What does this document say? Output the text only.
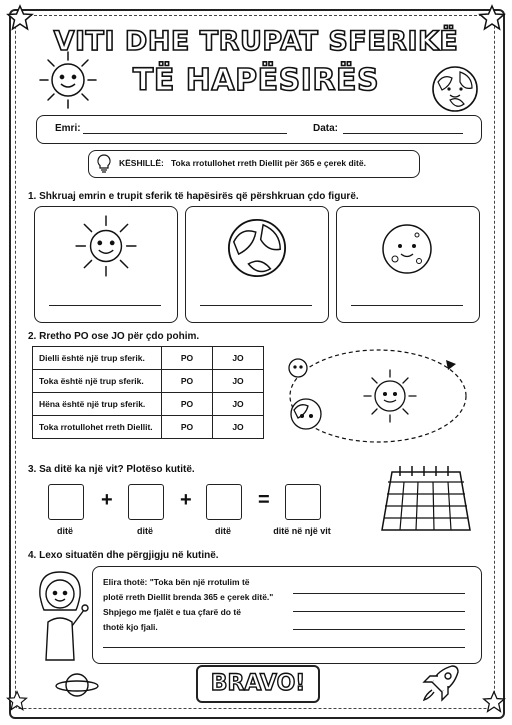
VITI DHE TRUPAT SFERIKË
TË HAPËSIRËS
Emri:	Data:
KËSHILLË: Toka rrotullohet rreth Diellit për 365 e çerek ditë.
1. Shkruaj emrin e trupit sferik të hapësirës që përshkruan çdo figurë.
2. Rretho PO ose JO për çdo pohim.
Dielli është një trup sferik.	PO	JO
Toka është një trup sferik.	PO	JO
Hëna është një trup sferik.	PO	JO
Toka rrotullohet rreth Diellit.	PO	JO
3. Sa ditë ka një vit? Plotëso kutitë.
+	+	=
ditë	ditë	ditë	ditë në një vit
4. Lexo situatën dhe përgjigju në kutinë.
Elira thotë: "Toka bën një rrotulim të
plotë rreth Diellit brenda 365 e çerek ditë."
Shpjego me fjalët e tua çfarë do të
thotë kjo fjali.
BRAVO!
